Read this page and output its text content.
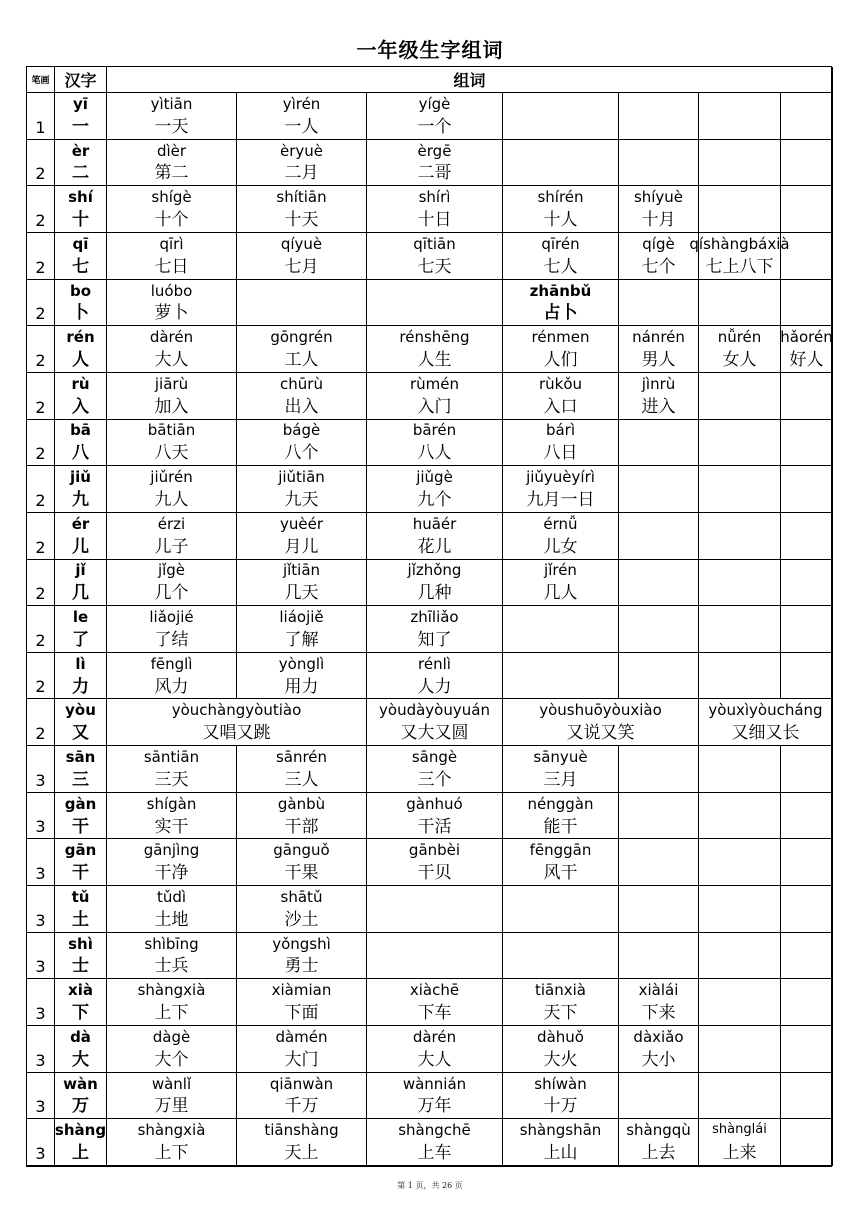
一年级生字组词
笔画 汉字	组词
1
yī
一
yìtiān
一天
yìrén
一人
yígè
一个
2
èr
二
dìèr
第二
èryuè
二月
èrgē
二哥
2
shí
十
shígè
十个
shítiān
十天
shírì
十日
shírén
十人
shíyuè
十月
2
qī
七
qīrì
七日
qíyuè
七月
qītiān
七天
qīrén
七人
qígè
七个
qíshàngbáxià
七上八下
2
bo
卜
luóbo
萝卜
zhānbǔ
占卜
2
rén
人
dàrén
大人
gōngrén
工人
rénshēng
人生
rénmen
人们
nánrén
男人
nǚrén
女人
hǎorén
好人
2
rù
入
jiārù
加入
chūrù
出入
rùmén
入门
rùkǒu
入口
jìnrù
进入
2
bā
八
bātiān
八天
bágè
八个
bārén
八人
bárì
八日
2
jiǔ
九
jiǔrén
九人
jiǔtiān
九天
jiǔgè
九个
jiǔyuèyírì
九月一日
2
ér
儿
érzi
儿子
yuèér
月儿
huāér
花儿
érnǚ
儿女
2
jǐ
几
jǐgè
几个
jǐtiān
几天
jǐzhǒng
几种
jǐrén
几人
2
le
了
liǎojié
了结
liáojiě
了解
zhīliǎo
知了
2
lì
力
fēnglì
风力
yònglì
用力
rénlì
人力
2
yòu
又
yòuchàngyòutiào
又唱又跳
yòudàyòuyuán
又大又圆
yòushuōyòuxiào
又说又笑
yòuxìyòucháng
又细又长
3
sān
三
sāntiān
三天
sānrén
三人
sāngè
三个
sānyuè
三月
3
gàn
干
shígàn
实干
gànbù
干部
gànhuó
干活
nénggàn
能干
3
gān
干
gānjìng
干净
gānguǒ
干果
gānbèi
干贝
fēnggān
风干
3
tǔ
土
tǔdì
土地
shātǔ
沙土
3
shì
士
shìbīng
士兵
yǒngshì
勇士
3
xià
下
shàngxià
上下
xiàmian
下面
xiàchē
下车
tiānxià
天下
xiàlái
下来
3
dà
大
dàgè
大个
dàmén
大门
dàrén
大人
dàhuǒ
大火
dàxiǎo
大小
3
wàn
万
wànlǐ
万里
qiānwàn
千万
wànnián
万年
shíwàn
十万
3
shàng
上
shàngxià
上下
tiānshàng
天上
shàngchē
上车
shàngshān
上山
shàngqù
上去
shànglái
上来
第 1 页，共 26 页
